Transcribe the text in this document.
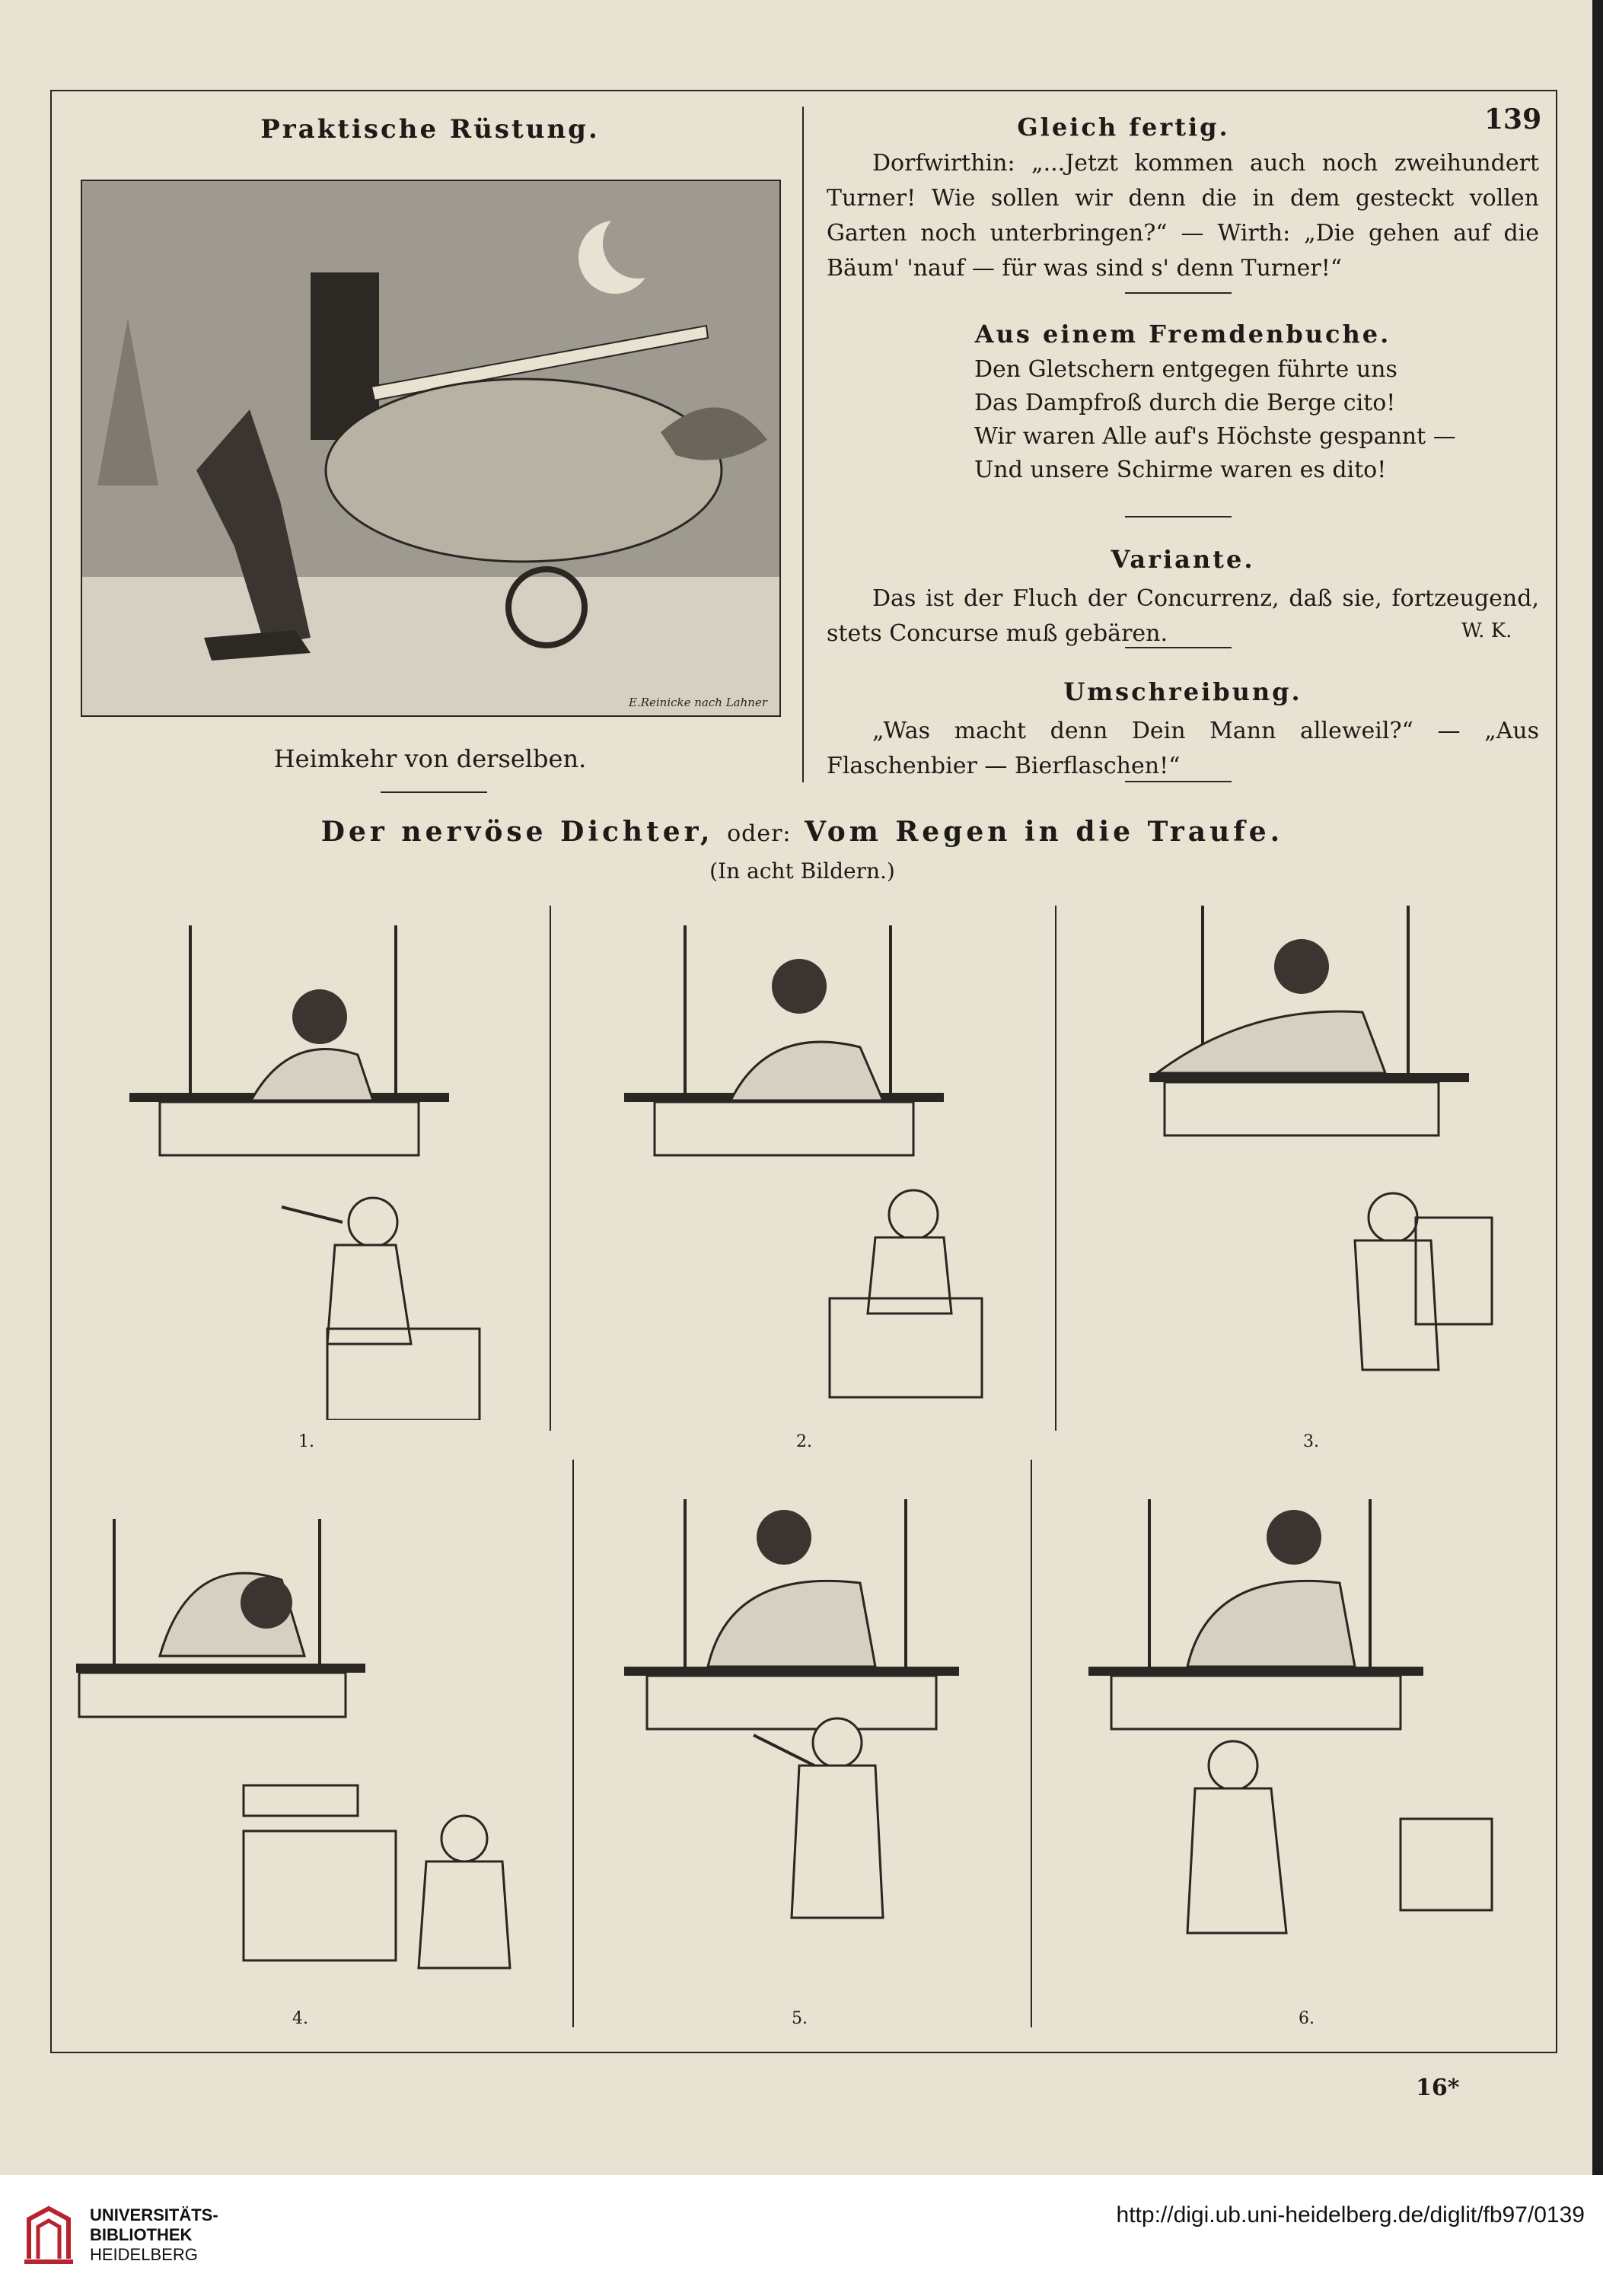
139
Praktische Rüstung.
E.Reinicke nach Lahner
Heimkehr von derselben.
Gleich fertig.
Dorfwirthin: „...Jetzt kommen auch noch zweihundert Turner! Wie sollen wir denn die in dem gesteckt vollen Garten noch unterbringen?“ — Wirth: „Die gehen auf die Bäum' 'nauf — für was sind s' denn Turner!“
Aus einem Fremdenbuche.
Den Gletschern entgegen führte uns
Das Dampfroß durch die Berge cito!
Wir waren Alle auf's Höchste gespannt —
Und unsere Schirme waren es dito!
Variante.
Das ist der Fluch der Concurrenz, daß sie, fortzeugend, stets Concurse muß gebären.	W. K.
Umschreibung.
„Was macht denn Dein Mann alleweil?“ — „Aus Flaschenbier — Bierflaschen!“
Der nervöse Dichter, oder: Vom Regen in die Traufe.
(In acht Bildern.)
1.	2.	3.
4.	5.	6.
16*
UNIVERSITÄTS-
BIBLIOTHEK
HEIDELBERG
http://digi.ub.uni-heidelberg.de/diglit/fb97/0139
